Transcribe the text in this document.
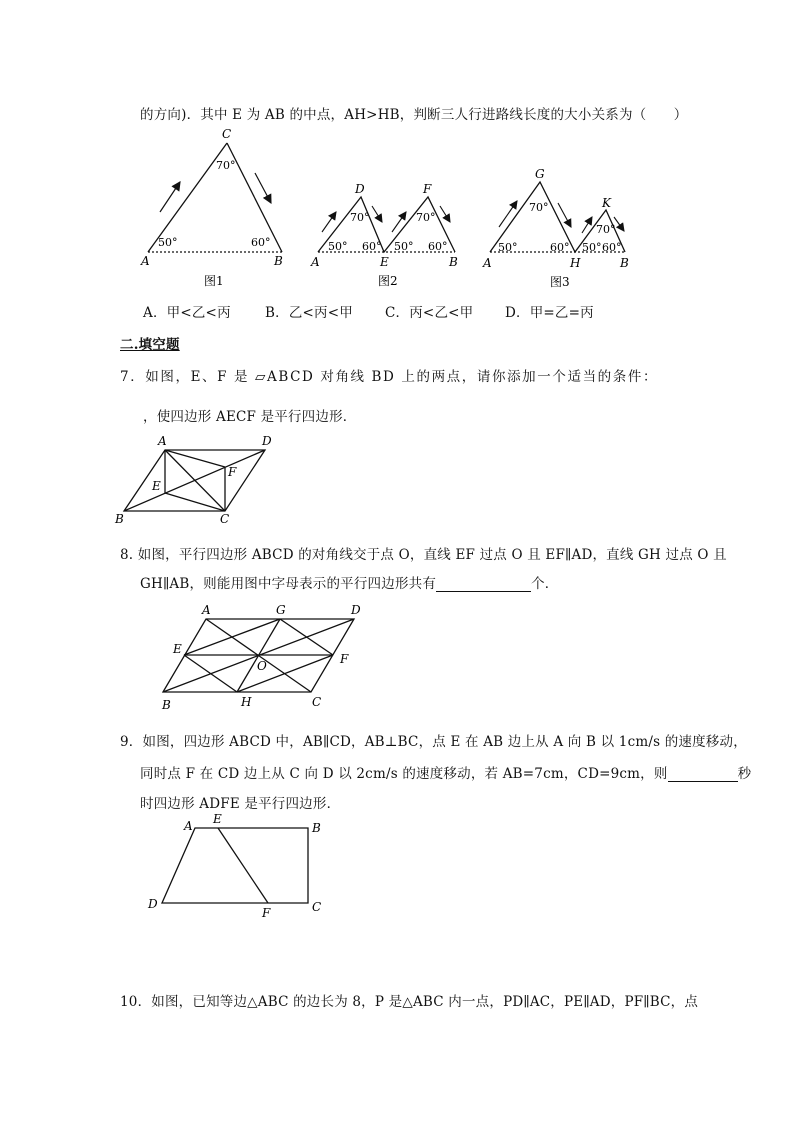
的方向)．其中 E 为 AB 的中点，AH>HB，判断三人行进路线长度的大小关系为（　　）
C
A	B
70°
50°	60°
图1
D	F
A	E	B
70°	70°
50° 60° 50° 60°
图2
G
K
A	H	B
70°
70°
50°	60° 50° 60°
图3
A．甲<乙<丙	B．乙<丙<甲 C．丙<乙<甲 D．甲=乙=丙
二.填空题
7．如图，E、F 是 ▱ABCD 对角线 BD 上的两点，请你添加一个适当的条件：
，使四边形 AECF 是平行四边形．
A	D
B	C
E
F
8. 如图，平行四边形 ABCD 的对角线交于点 O，直线 EF 过点 O 且 EF∥AD，直线 GH 过点 O 且
GH∥AB，则能用图中字母表示的平行四边形共有	个．
A	G	D
E
F
O
B	H	C
9．如图，四边形 ABCD 中，AB∥CD，AB⊥BC，点 E 在 AB 边上从 A 向 B 以 1cm/s 的速度移动，
同时点 F 在 CD 边上从 C 向 D 以 2cm/s 的速度移动，若 AB=7cm，CD=9cm，则	秒
时四边形 ADFE 是平行四边形．
A E
B
D
F	C
10．如图，已知等边△ABC 的边长为 8，P 是△ABC 内一点，PD∥AC，PE∥AD，PF∥BC，点
